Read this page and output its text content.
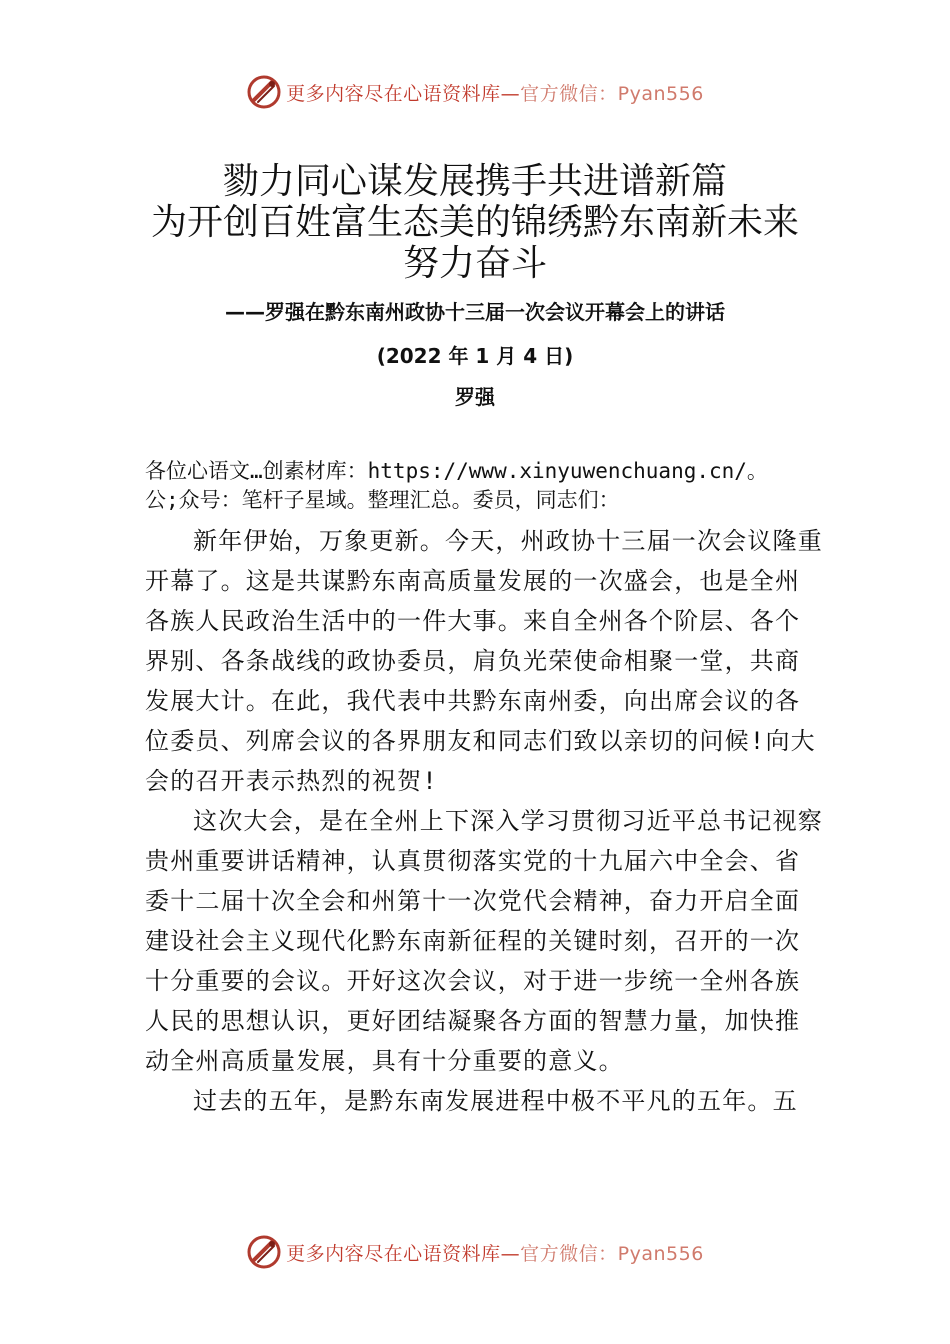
更多内容尽在心语资料库— 官方微信：Pyan556
勠力同心谋发展携手共进谱新篇
为开创百姓富生态美的锦绣黔东南新未来
努力奋斗
——罗强在黔东南州政协十三届一次会议开幕会上的讲话
(2022 年 1 月 4 日)
罗强
各位心语文…创素材库：https://www.xinyuwenchuang.cn/。
公;众号：笔杆子星域。整理汇总。委员，同志们：

新年伊始，万象更新。今天，州政协十三届一次会议隆重开幕了。这是共谋黔东南高质量发展的一次盛会，也是全州各族人民政治生活中的一件大事。来自全州各个阶层、各个界别、各条战线的政协委员，肩负光荣使命相聚一堂，共商发展大计。在此，我代表中共黔东南州委，向出席会议的各位委员、列席会议的各界朋友和同志们致以亲切的问候!向大会的召开表示热烈的祝贺!

这次大会，是在全州上下深入学习贯彻习近平总书记视察贵州重要讲话精神，认真贯彻落实党的十九届六中全会、省委十二届十次全会和州第十一次党代会精神，奋力开启全面建设社会主义现代化黔东南新征程的关键时刻，召开的一次十分重要的会议。开好这次会议，对于进一步统一全州各族人民的思想认识，更好团结凝聚各方面的智慧力量，加快推动全州高质量发展，具有十分重要的意义。

过去的五年，是黔东南发展进程中极不平凡的五年。五

更多内容尽在心语资料库— 官方微信：Pyan556
